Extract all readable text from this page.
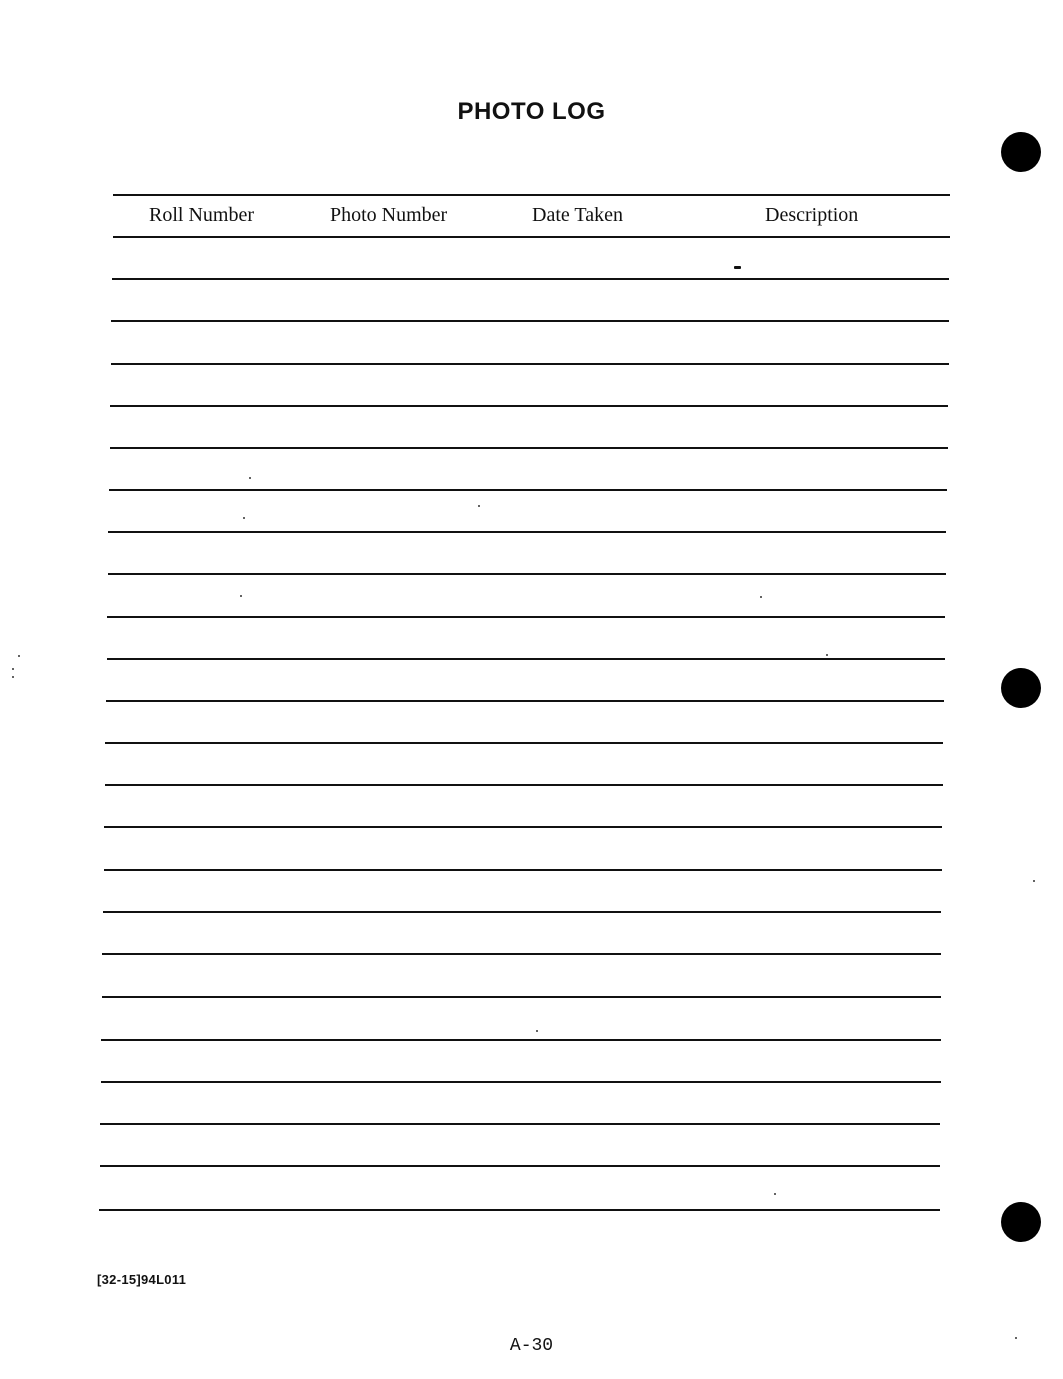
PHOTO LOG
Roll Number	Photo Number	Date Taken	Description
[32-15]94L011
A-30
